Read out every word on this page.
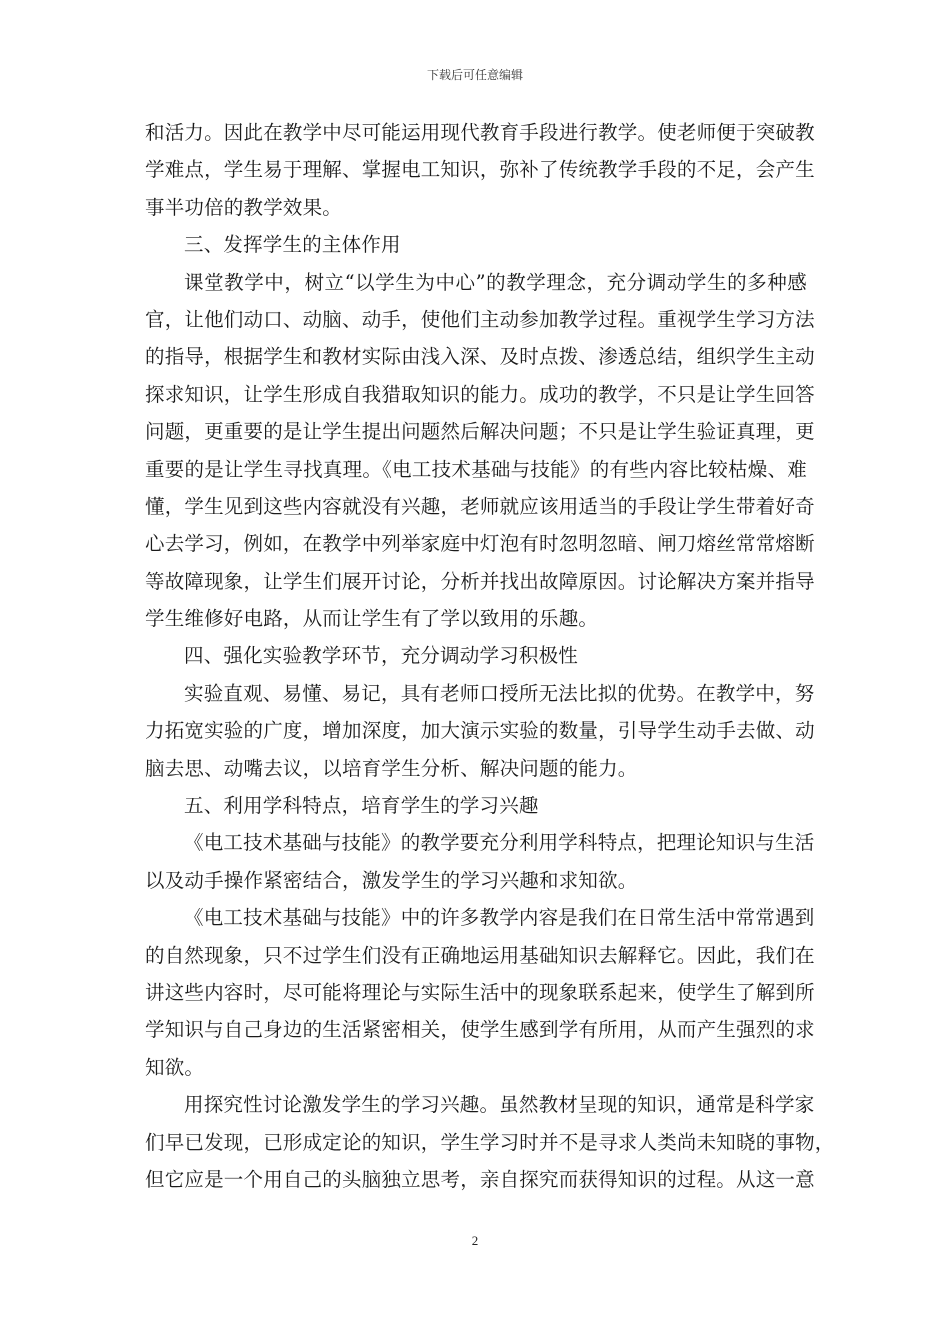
下载后可任意编辑
和活力。因此在教学中尽可能运用现代教育手段进行教学。使老师便于突破教
学难点，学生易于理解、掌握电工知识，弥补了传统教学手段的不足，会产生
事半功倍的教学效果。
三、发挥学生的主体作用
课堂教学中，树立“以学生为中心”的教学理念，充分调动学生的多种感
官，让他们动口、动脑、动手，使他们主动参加教学过程。重视学生学习方法
的指导，根据学生和教材实际由浅入深、及时点拨、渗透总结，组织学生主动
探求知识，让学生形成自我猎取知识的能力。成功的教学，不只是让学生回答
问题，更重要的是让学生提出问题然后解决问题；不只是让学生验证真理，更
重要的是让学生寻找真理。《电工技术基础与技能》的有些内容比较枯燥、难
懂，学生见到这些内容就没有兴趣，老师就应该用适当的手段让学生带着好奇
心去学习，例如，在教学中列举家庭中灯泡有时忽明忽暗、闸刀熔丝常常熔断
等故障现象，让学生们展开讨论，分析并找出故障原因。讨论解决方案并指导
学生维修好电路，从而让学生有了学以致用的乐趣。
四、强化实验教学环节，充分调动学习积极性
实验直观、易懂、易记，具有老师口授所无法比拟的优势。在教学中，努
力拓宽实验的广度，增加深度，加大演示实验的数量，引导学生动手去做、动
脑去思、动嘴去议，以培育学生分析、解决问题的能力。
五、利用学科特点，培育学生的学习兴趣
《电工技术基础与技能》的教学要充分利用学科特点，把理论知识与生活
以及动手操作紧密结合，激发学生的学习兴趣和求知欲。
《电工技术基础与技能》中的许多教学内容是我们在日常生活中常常遇到
的自然现象，只不过学生们没有正确地运用基础知识去解释它。因此，我们在
讲这些内容时，尽可能将理论与实际生活中的现象联系起来，使学生了解到所
学知识与自己身边的生活紧密相关，使学生感到学有所用，从而产生强烈的求
知欲。
用探究性讨论激发学生的学习兴趣。虽然教材呈现的知识，通常是科学家
们早已发现，已形成定论的知识，学生学习时并不是寻求人类尚未知晓的事物，
但它应是一个用自己的头脑独立思考，亲自探究而获得知识的过程。从这一意
2
